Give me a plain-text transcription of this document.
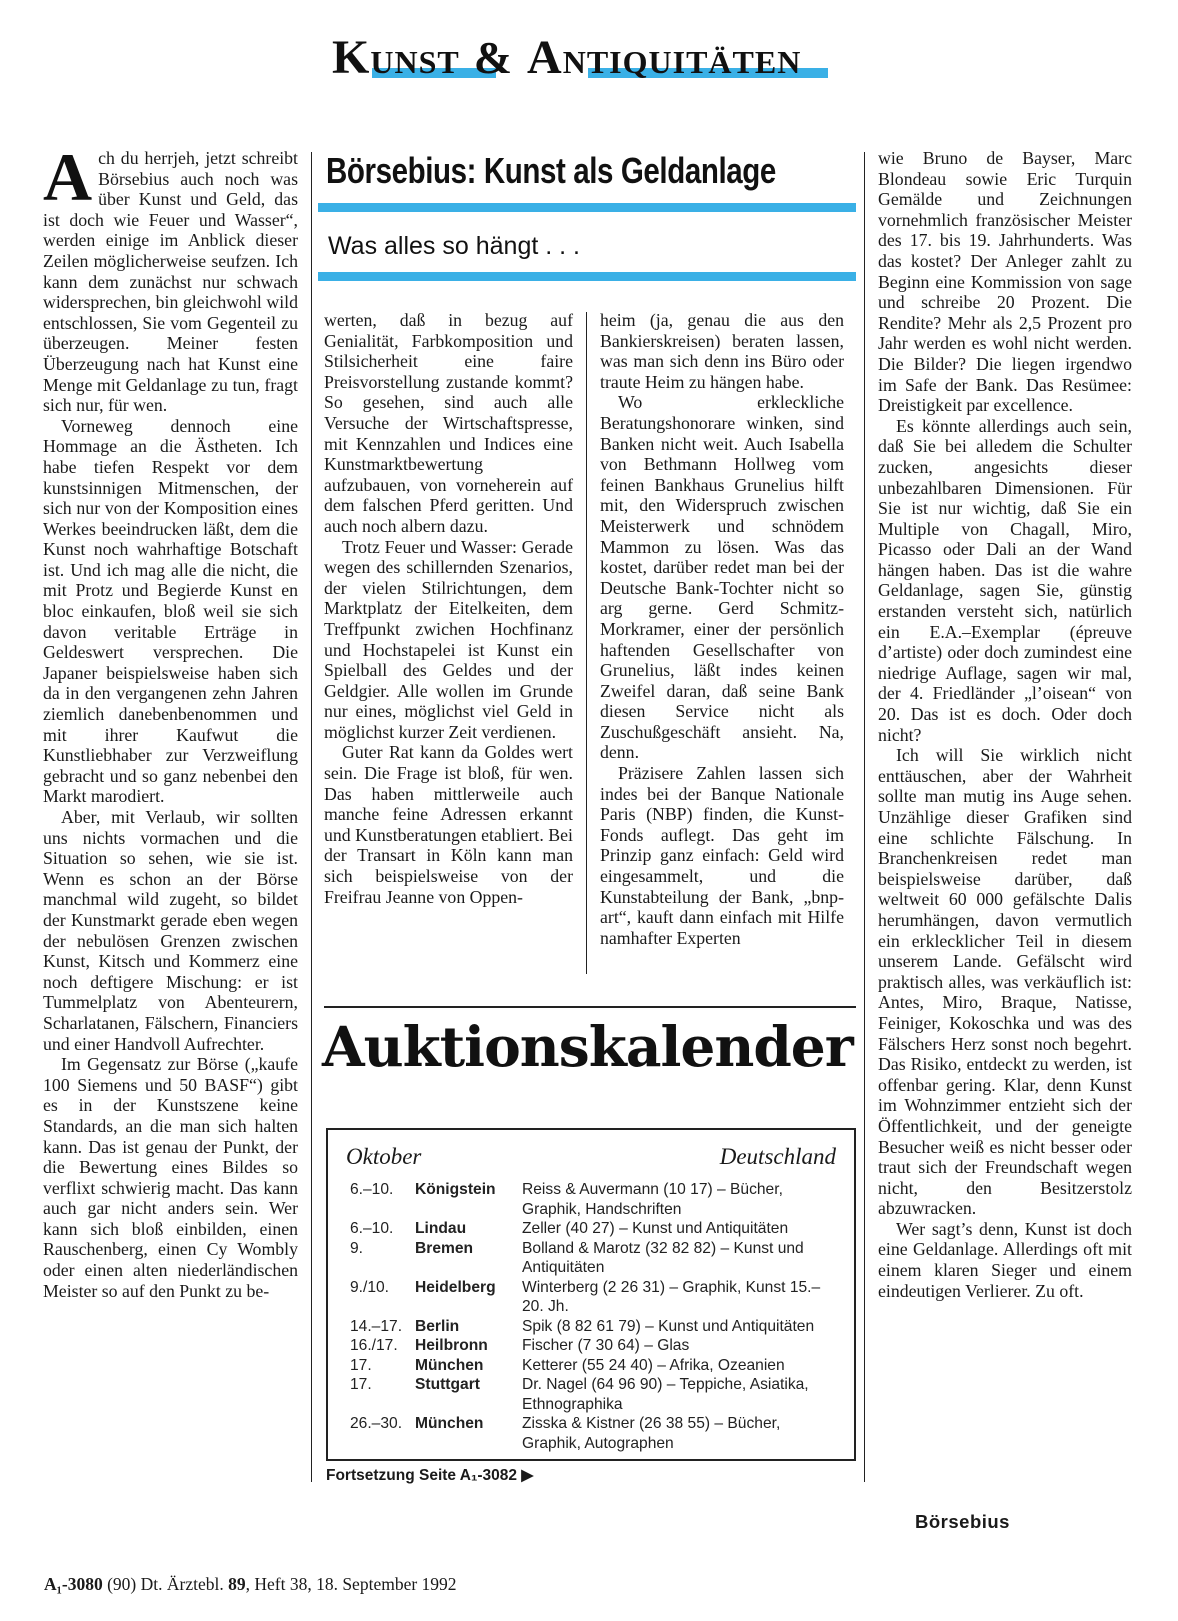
KUNST & ANTIQUITÄTEN
Börsebius: Kunst als Geldanlage
Was alles so hängt . . .

Ach du herrjeh, jetzt schreibt Börsebius auch noch was über Kunst und Geld, das ist doch wie Feuer und Wasser“, werden einige im Anblick dieser Zeilen möglicherweise seufzen. Ich kann dem zunächst nur schwach widersprechen, bin gleichwohl wild entschlossen, Sie vom Gegenteil zu überzeugen. Meiner festen Überzeugung nach hat Kunst eine Menge mit Geldanlage zu tun, fragt sich nur, für wen.

Vorneweg dennoch eine Hommage an die Ästheten. Ich habe tiefen Respekt vor dem kunstsinnigen Mitmenschen, der sich nur von der Komposition eines Werkes beeindrucken läßt, dem die Kunst noch wahrhaftige Botschaft ist. Und ich mag alle die nicht, die mit Protz und Begierde Kunst en bloc einkaufen, bloß weil sie sich davon veritable Erträge in Geldeswert versprechen. Die Japaner beispielsweise haben sich da in den vergangenen zehn Jahren ziemlich danebenbenommen und mit ihrer Kaufwut die Kunstliebhaber zur Verzweiflung gebracht und so ganz nebenbei den Markt marodiert.

Aber, mit Verlaub, wir sollten uns nichts vormachen und die Situation so sehen, wie sie ist. Wenn es schon an der Börse manchmal wild zugeht, so bildet der Kunstmarkt gerade eben wegen der nebulösen Grenzen zwischen Kunst, Kitsch und Kommerz eine noch deftigere Mischung: er ist Tummelplatz von Abenteurern, Scharlatanen, Fälschern, Financiers und einer Handvoll Aufrechter.

Im Gegensatz zur Börse („kaufe 100 Siemens und 50 BASF“) gibt es in der Kunstszene keine Standards, an die man sich halten kann. Das ist genau der Punkt, der die Bewertung eines Bildes so verflixt schwierig macht. Das kann auch gar nicht anders sein. Wer kann sich bloß einbilden, einen Rauschenberg, einen Cy Wombly oder einen alten niederländischen Meister so auf den Punkt zu be-

werten, daß in bezug auf Genialität, Farbkomposition und Stilsicherheit eine faire Preisvorstellung zustande kommt? So gesehen, sind auch alle Versuche der Wirtschaftspresse, mit Kennzahlen und Indices eine Kunstmarktbewertung aufzubauen, von vorneherein auf dem falschen Pferd geritten. Und auch noch albern dazu.

Trotz Feuer und Wasser: Gerade wegen des schillernden Szenarios, der vielen Stilrichtungen, dem Marktplatz der Eitelkeiten, dem Treffpunkt zwichen Hochfinanz und Hochstapelei ist Kunst ein Spielball des Geldes und der Geldgier. Alle wollen im Grunde nur eines, möglichst viel Geld in möglichst kurzer Zeit verdienen.

Guter Rat kann da Goldes wert sein. Die Frage ist bloß, für wen. Das haben mittlerweile auch manche feine Adressen erkannt und Kunstberatungen etabliert. Bei der Transart in Köln kann man sich beispielsweise von der Freifrau Jeanne von Oppen-

heim (ja, genau die aus den Bankierskreisen) beraten lassen, was man sich denn ins Büro oder traute Heim zu hängen habe.

Wo erkleckliche Beratungshonorare winken, sind Banken nicht weit. Auch Isabella von Bethmann Hollweg vom feinen Bankhaus Grunelius hilft mit, den Widerspruch zwischen Meisterwerk und schnödem Mammon zu lösen. Was das kostet, darüber redet man bei der Deutsche Bank-Tochter nicht so arg gerne. Gerd Schmitz-Morkramer, einer der persönlich haftenden Gesellschafter von Grunelius, läßt indes keinen Zweifel daran, daß seine Bank diesen Service nicht als Zuschußgeschäft ansieht. Na, denn.

Präzisere Zahlen lassen sich indes bei der Banque Nationale Paris (NBP) finden, die Kunst-Fonds auflegt. Das geht im Prinzip ganz einfach: Geld wird eingesammelt, und die Kunstabteilung der Bank, „bnp-art“, kauft dann einfach mit Hilfe namhafter Experten

wie Bruno de Bayser, Marc Blondeau sowie Eric Turquin Gemälde und Zeichnungen vornehmlich französischer Meister des 17. bis 19. Jahrhunderts. Was das kostet? Der Anleger zahlt zu Beginn eine Kommission von sage und schreibe 20 Prozent. Die Rendite? Mehr als 2,5 Prozent pro Jahr werden es wohl nicht werden. Die Bilder? Die liegen irgendwo im Safe der Bank. Das Resümee: Dreistigkeit par excellence.

Es könnte allerdings auch sein, daß Sie bei alledem die Schulter zucken, angesichts dieser unbezahlbaren Dimensionen. Für Sie ist nur wichtig, daß Sie ein Multiple von Chagall, Miro, Picasso oder Dali an der Wand hängen haben. Das ist die wahre Geldanlage, sagen Sie, günstig erstanden versteht sich, natürlich ein E.A.–Exemplar (épreuve d’artiste) oder doch zumindest eine niedrige Auflage, sagen wir mal, der 4. Friedländer „l’oisean“ von 20. Das ist es doch. Oder doch nicht?

Ich will Sie wirklich nicht enttäuschen, aber der Wahrheit sollte man mutig ins Auge sehen. Unzählige dieser Grafiken sind eine schlichte Fälschung. In Branchenkreisen redet man beispielsweise darüber, daß weltweit 60 000 gefälschte Dalis herumhängen, davon vermutlich ein erklecklicher Teil in diesem unserem Lande. Gefälscht wird praktisch alles, was verkäuflich ist: Antes, Miro, Braque, Natisse, Feiniger, Kokoschka und was des Fälschers Herz sonst noch begehrt. Das Risiko, entdeckt zu werden, ist offenbar gering. Klar, denn Kunst im Wohnzimmer entzieht sich der Öffentlichkeit, und der geneigte Besucher weiß es nicht besser oder traut sich der Freundschaft wegen nicht, den Besitzerstolz abzuwracken.

Wer sagt’s denn, Kunst ist doch eine Geldanlage. Allerdings oft mit einem klaren Sieger und einem eindeutigen Verlierer. Zu oft.

Auktionskalender
Oktober	Deutschland
6.–10.	Königstein	Reiss & Auvermann (10 17) – Bücher, Graphik, Handschriften
6.–10.	Lindau	Zeller (40 27) – Kunst und Antiquitäten
9.	Bremen	Bolland & Marotz (32 82 82) – Kunst und Antiquitäten
9./10.	Heidelberg	Winterberg (2 26 31) – Graphik, Kunst 15.–20. Jh.
14.–17. Berlin	Spik (8 82 61 79) – Kunst und Antiquitäten
16./17.	Heilbronn	Fischer (7 30 64) – Glas
17.	München	Ketterer (55 24 40) – Afrika, Ozeanien
17.	Stuttgart	Dr. Nagel (64 96 90) – Teppiche, Asiatika, Ethnographika
26.–30. München	Zisska & Kistner (26 38 55) – Bücher, Graphik, Autographen
Fortsetzung Seite A₁-3082 ▶
Börsebius
A₁-3080 (90) Dt. Ärztebl. 89, Heft 38, 18. September 1992
